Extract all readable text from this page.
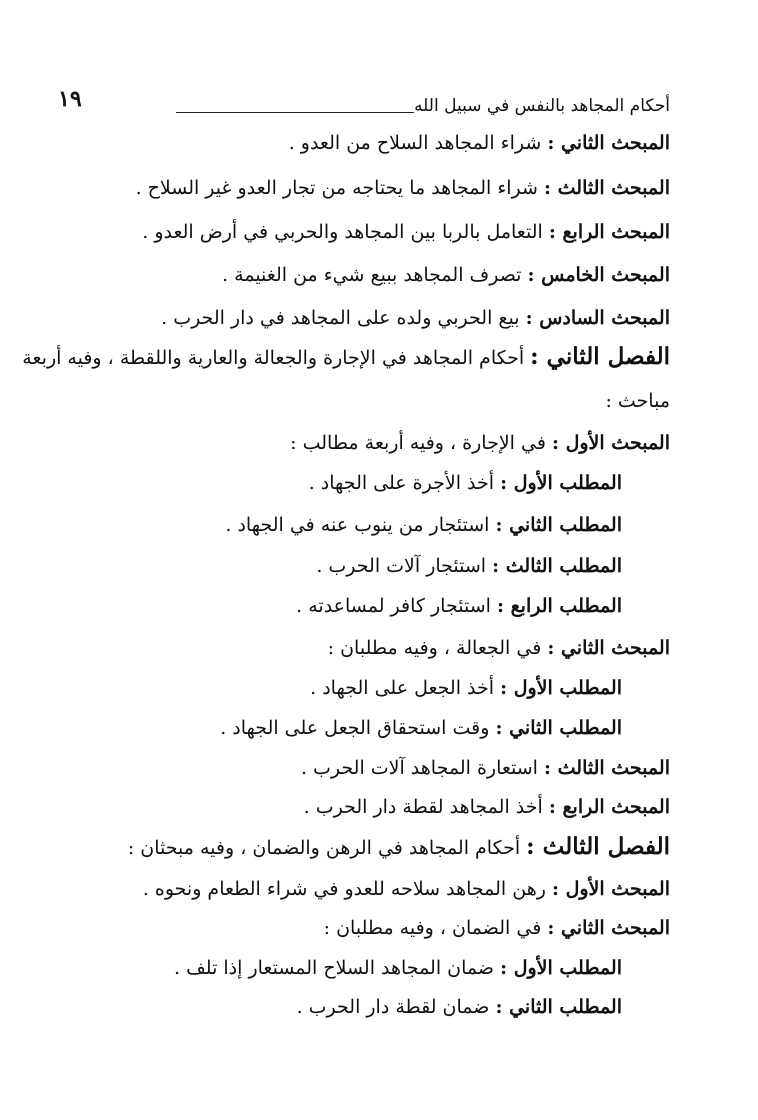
١٩	أحكام المجاهد بالنفس في سبيل الله
المبحث الثاني : شراء المجاهد السلاح من العدو .
المبحث الثالث : شراء المجاهد ما يحتاجه من تجار العدو غير السلاح .
المبحث الرابع : التعامل بالربا بين المجاهد والحربي في أرض العدو .
المبحث الخامس : تصرف المجاهد ببيع شيء من الغنيمة .
المبحث السادس : بيع الحربي ولده على المجاهد في دار الحرب .
الفصل الثاني : أحكام المجاهد في الإجارة والجعالة والعارية واللقطة ، وفيه أربعة
مباحث :
المبحث الأول : في الإجارة ، وفيه أربعة مطالب :
المطلب الأول : أخذ الأجرة على الجهاد .
المطلب الثاني : استئجار من ينوب عنه في الجهاد .
المطلب الثالث : استئجار آلات الحرب .
المطلب الرابع : استئجار كافر لمساعدته .
المبحث الثاني : في الجعالة ، وفيه مطلبان :
المطلب الأول : أخذ الجعل على الجهاد .
المطلب الثاني : وقت استحقاق الجعل على الجهاد .
المبحث الثالث : استعارة المجاهد آلات الحرب .
المبحث الرابع : أخذ المجاهد لقطة دار الحرب .
الفصل الثالث : أحكام المجاهد في الرهن والضمان ، وفيه مبحثان :
المبحث الأول : رهن المجاهد سلاحه للعدو في شراء الطعام ونحوه .
المبحث الثاني : في الضمان ، وفيه مطلبان :
المطلب الأول : ضمان المجاهد السلاح المستعار إذا تلف .
المطلب الثاني : ضمان لقطة دار الحرب .
